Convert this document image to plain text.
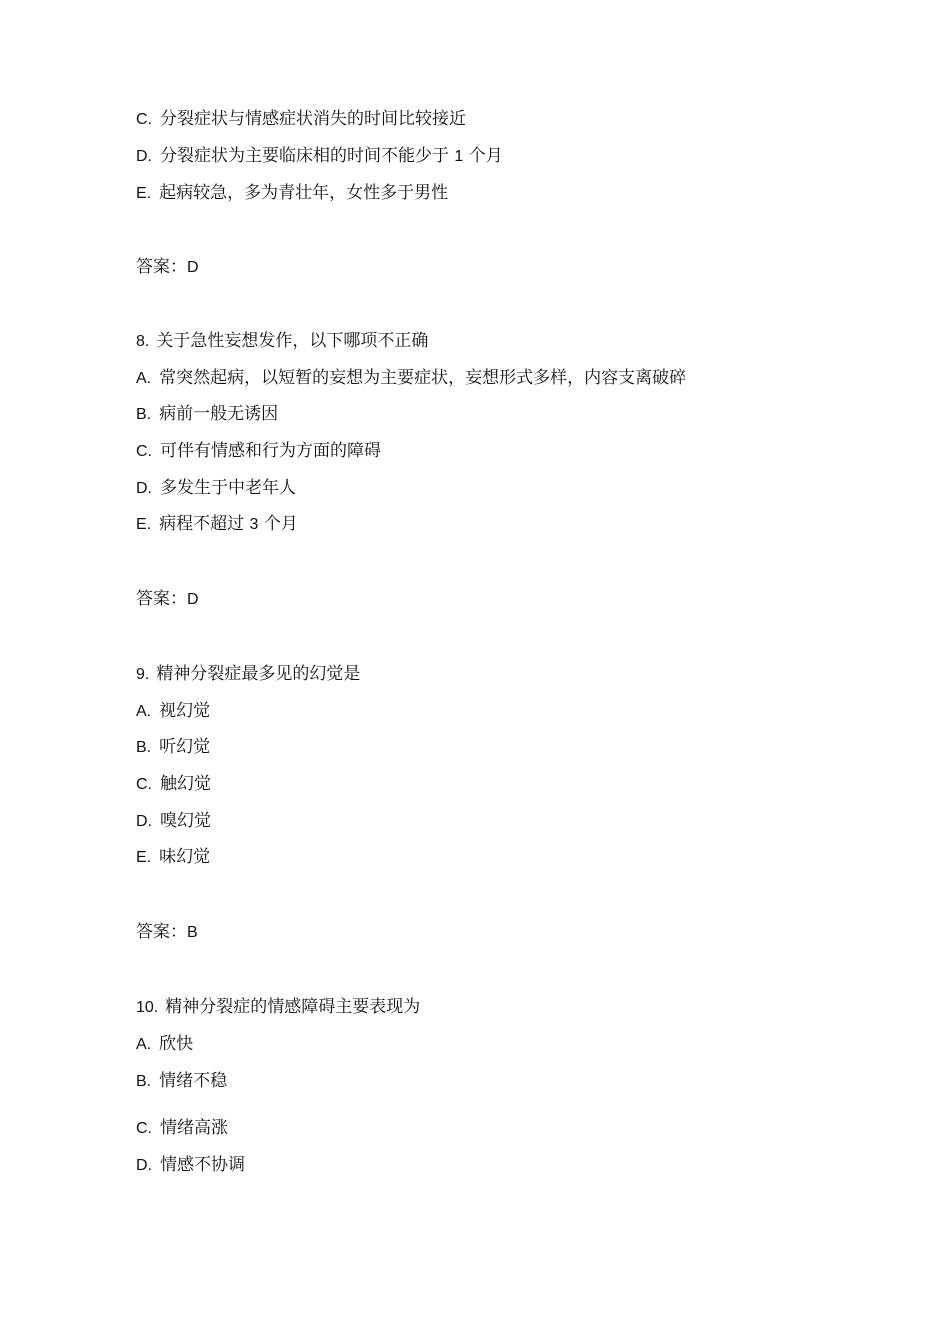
C. 分裂症状与情感症状消失的时间比较接近
D. 分裂症状为主要临床相的时间不能少于 1 个月
E. 起病较急，多为青壮年，女性多于男性
答案：D
8. 关于急性妄想发作，以下哪项不正确
A. 常突然起病，以短暂的妄想为主要症状，妄想形式多样，内容支离破碎
B. 病前一般无诱因
C. 可伴有情感和行为方面的障碍
D. 多发生于中老年人
E. 病程不超过 3 个月
答案：D
9. 精神分裂症最多见的幻觉是
A. 视幻觉
B. 听幻觉
C. 触幻觉
D. 嗅幻觉
E. 味幻觉
答案：B
10. 精神分裂症的情感障碍主要表现为
A. 欣快
B. 情绪不稳
C. 情绪高涨
D. 情感不协调
